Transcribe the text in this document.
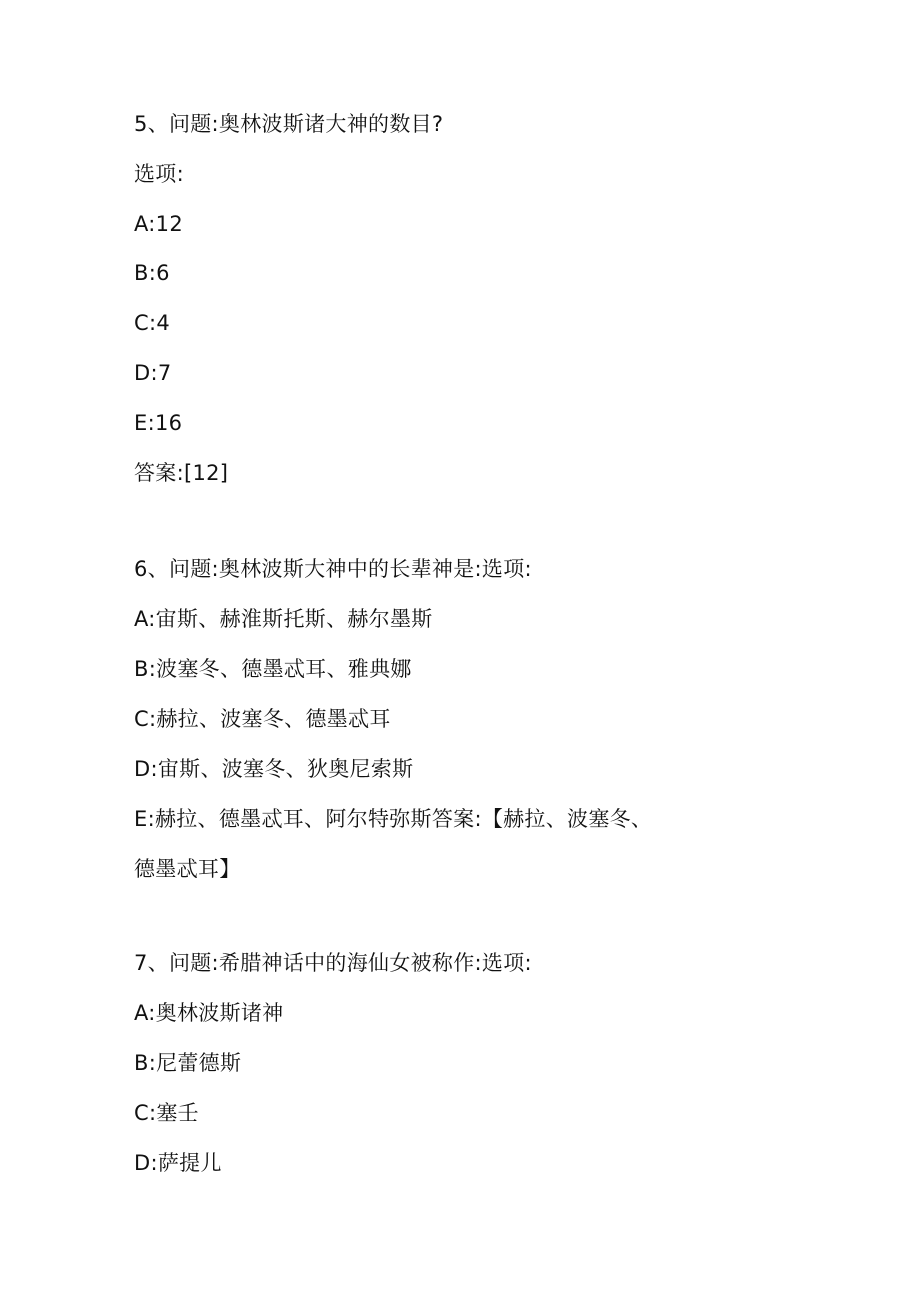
5、问题:奥林波斯诸大神的数目?
选项:
A:12
B:6
C:4
D:7
E:16
答案:[12]
6、问题:奥林波斯大神中的长辈神是:选项:
A:宙斯、赫淮斯托斯、赫尔墨斯
B:波塞冬、德墨忒耳、雅典娜
C:赫拉、波塞冬、德墨忒耳
D:宙斯、波塞冬、狄奥尼索斯
E:赫拉、德墨忒耳、阿尔特弥斯答案:【赫拉、波塞冬、
德墨忒耳】
7、问题:希腊神话中的海仙女被称作:选项:
A:奥林波斯诸神
B:尼蕾德斯
C:塞壬
D:萨提儿
